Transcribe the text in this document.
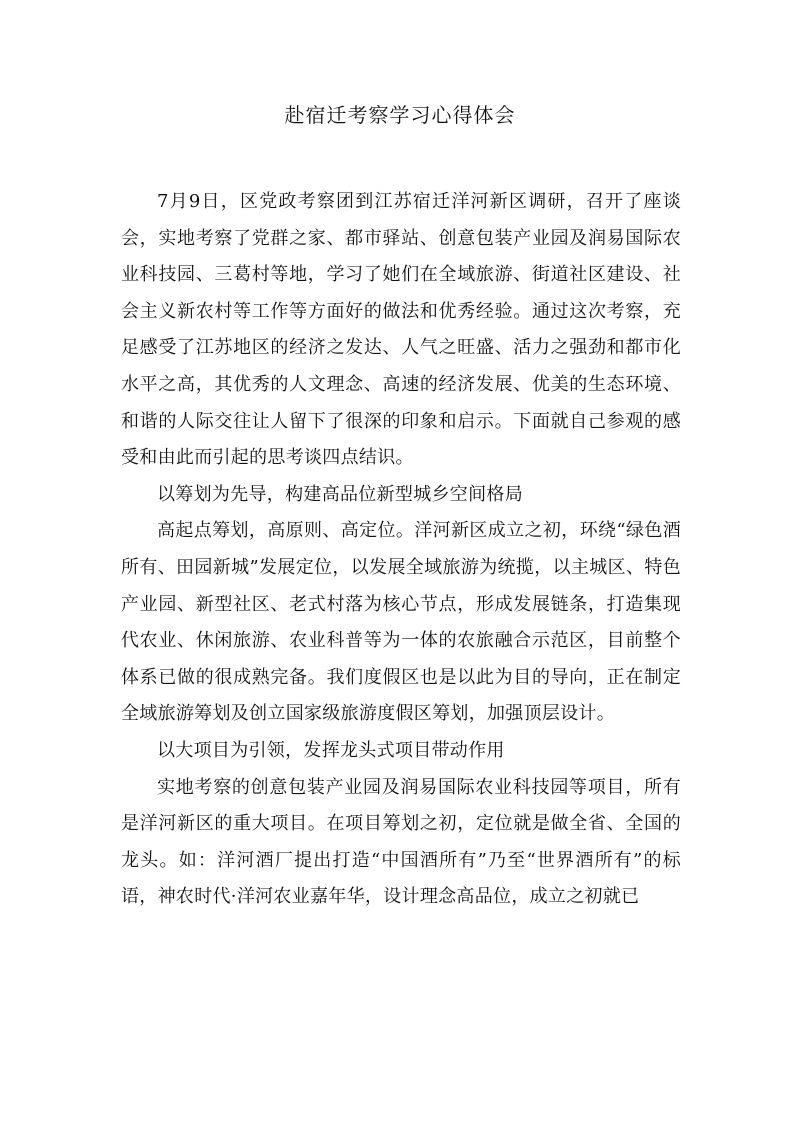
赴宿迁考察学习心得体会

7月9日，区党政考察团到江苏宿迁洋河新区调研，召开了座谈会，实地考察了党群之家、都市驿站、创意包装产业园及润易国际农业科技园、三葛村等地，学习了她们在全域旅游、街道社区建设、社会主义新农村等工作等方面好的做法和优秀经验。通过这次考察，充足感受了江苏地区的经济之发达、人气之旺盛、活力之强劲和都市化水平之高，其优秀的人文理念、高速的经济发展、优美的生态环境、和谐的人际交往让人留下了很深的印象和启示。下面就自己参观的感受和由此而引起的思考谈四点结识。

以筹划为先导，构建高品位新型城乡空间格局

高起点筹划，高原则、高定位。洋河新区成立之初，环绕“绿色酒所有、田园新城”发展定位，以发展全域旅游为统揽，以主城区、特色产业园、新型社区、老式村落为核心节点，形成发展链条，打造集现代农业、休闲旅游、农业科普等为一体的农旅融合示范区，目前整个体系已做的很成熟完备。我们度假区也是以此为目的导向，正在制定全域旅游筹划及创立国家级旅游度假区筹划，加强顶层设计。

以大项目为引领，发挥龙头式项目带动作用

实地考察的创意包装产业园及润易国际农业科技园等项目，所有是洋河新区的重大项目。在项目筹划之初，定位就是做全省、全国的龙头。如：洋河酒厂提出打造“中国酒所有”乃至“世界酒所有”的标语，神农时代·洋河农业嘉年华，设计理念高品位，成立之初就已
